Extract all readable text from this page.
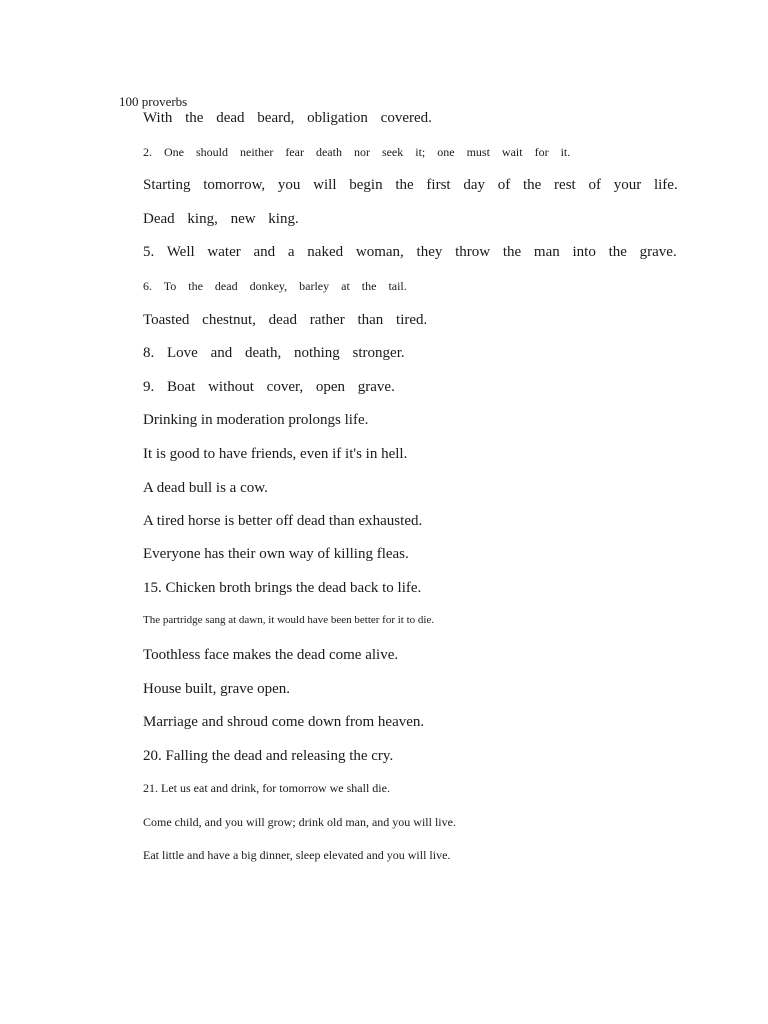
100 proverbs
With the dead beard, obligation covered.
2. One should neither fear death nor seek it; one must wait for it.
Starting tomorrow, you will begin the first day of the rest of your life.
Dead king, new king.
5. Well water and a naked woman, they throw the man into the grave.
6. To the dead donkey, barley at the tail.
Toasted chestnut, dead rather than tired.
8. Love and death, nothing stronger.
9. Boat without cover, open grave.
Drinking in moderation prolongs life.
It is good to have friends, even if it's in hell.
A dead bull is a cow.
A tired horse is better off dead than exhausted.
Everyone has their own way of killing fleas.
15. Chicken broth brings the dead back to life.
The partridge sang at dawn, it would have been better for it to die.
Toothless face makes the dead come alive.
House built, grave open.
Marriage and shroud come down from heaven.
20. Falling the dead and releasing the cry.
21. Let us eat and drink, for tomorrow we shall die.
Come child, and you will grow; drink old man, and you will live.
Eat little and have a big dinner, sleep elevated and you will live.
